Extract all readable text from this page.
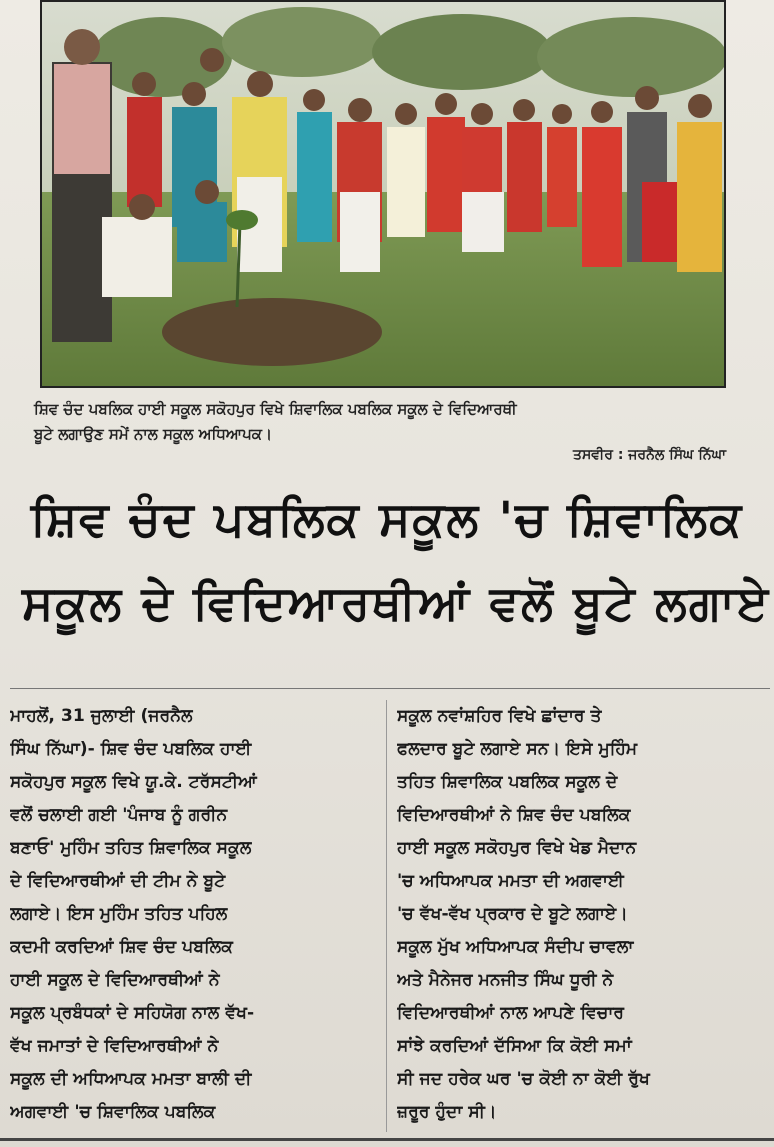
ਸ਼ਿਵ ਚੰਦ ਪਬਲਿਕ ਹਾਈ ਸਕੂਲ ਸਕੋਹਪੁਰ ਵਿਖੇ ਸ਼ਿਵਾਲਿਕ ਪਬਲਿਕ ਸਕੂਲ ਦੇ ਵਿਦਿਆਰਥੀ
ਬੂਟੇ ਲਗਾਉਣ ਸਮੇਂ ਨਾਲ ਸਕੂਲ ਅਧਿਆਪਕ।
ਤਸਵੀਰ : ਜਰਨੈਲ ਸਿੰਘ ਨਿੱਘਾ
ਸ਼ਿਵ ਚੰਦ ਪਬਲਿਕ ਸਕੂਲ 'ਚ ਸ਼ਿਵਾਲਿਕ
ਸਕੂਲ ਦੇ ਵਿਦਿਆਰਥੀਆਂ ਵਲੋਂ ਬੂਟੇ ਲਗਾਏ
ਮਾਹਲੋਂ, 31 ਜੁਲਾਈ (ਜਰਨੈਲ
ਸਿੰਘ ਨਿੱਘਾ)- ਸ਼ਿਵ ਚੰਦ ਪਬਲਿਕ ਹਾਈ
ਸਕੋਹਪੁਰ ਸਕੂਲ ਵਿਖੇ ਯੂ.ਕੇ. ਟਰੱਸਟੀਆਂ
ਵਲੋਂ ਚਲਾਈ ਗਈ 'ਪੰਜਾਬ ਨੂੰ ਗਰੀਨ
ਬਣਾਓ' ਮੁਹਿੰਮ ਤਹਿਤ ਸ਼ਿਵਾਲਿਕ ਸਕੂਲ
ਦੇ ਵਿਦਿਆਰਥੀਆਂ ਦੀ ਟੀਮ ਨੇ ਬੂਟੇ
ਲਗਾਏ। ਇਸ ਮੁਹਿੰਮ ਤਹਿਤ ਪਹਿਲ
ਕਦਮੀ ਕਰਦਿਆਂ ਸ਼ਿਵ ਚੰਦ ਪਬਲਿਕ
ਹਾਈ ਸਕੂਲ ਦੇ ਵਿਦਿਆਰਥੀਆਂ ਨੇ
ਸਕੂਲ ਪ੍ਰਬੰਧਕਾਂ ਦੇ ਸਹਿਯੋਗ ਨਾਲ ਵੱਖ-
ਵੱਖ ਜਮਾਤਾਂ ਦੇ ਵਿਦਿਆਰਥੀਆਂ ਨੇ
ਸਕੂਲ ਦੀ ਅਧਿਆਪਕ ਮਮਤਾ ਬਾਲੀ ਦੀ
ਅਗਵਾਈ 'ਚ ਸ਼ਿਵਾਲਿਕ ਪਬਲਿਕ
ਸਕੂਲ ਨਵਾਂਸ਼ਹਿਰ ਵਿਖੇ ਛਾਂਦਾਰ ਤੇ
ਫਲਦਾਰ ਬੂਟੇ ਲਗਾਏ ਸਨ। ਇਸੇ ਮੁਹਿੰਮ
ਤਹਿਤ ਸ਼ਿਵਾਲਿਕ ਪਬਲਿਕ ਸਕੂਲ ਦੇ
ਵਿਦਿਆਰਥੀਆਂ ਨੇ ਸ਼ਿਵ ਚੰਦ ਪਬਲਿਕ
ਹਾਈ ਸਕੂਲ ਸਕੋਹਪੁਰ ਵਿਖੇ ਖੇਡ ਮੈਦਾਨ
'ਚ ਅਧਿਆਪਕ ਮਮਤਾ ਦੀ ਅਗਵਾਈ
'ਚ ਵੱਖ-ਵੱਖ ਪ੍ਰਕਾਰ ਦੇ ਬੂਟੇ ਲਗਾਏ।
ਸਕੂਲ ਮੁੱਖ ਅਧਿਆਪਕ ਸੰਦੀਪ ਚਾਵਲਾ
ਅਤੇ ਮੈਨੇਜਰ ਮਨਜੀਤ ਸਿੰਘ ਧੂਰੀ ਨੇ
ਵਿਦਿਆਰਥੀਆਂ ਨਾਲ ਆਪਣੇ ਵਿਚਾਰ
ਸਾਂਝੇ ਕਰਦਿਆਂ ਦੱਸਿਆ ਕਿ ਕੋਈ ਸਮਾਂ
ਸੀ ਜਦ ਹਰੇਕ ਘਰ 'ਚ ਕੋਈ ਨਾ ਕੋਈ ਰੁੱਖ
ਜ਼ਰੂਰ ਹੁੰਦਾ ਸੀ।
